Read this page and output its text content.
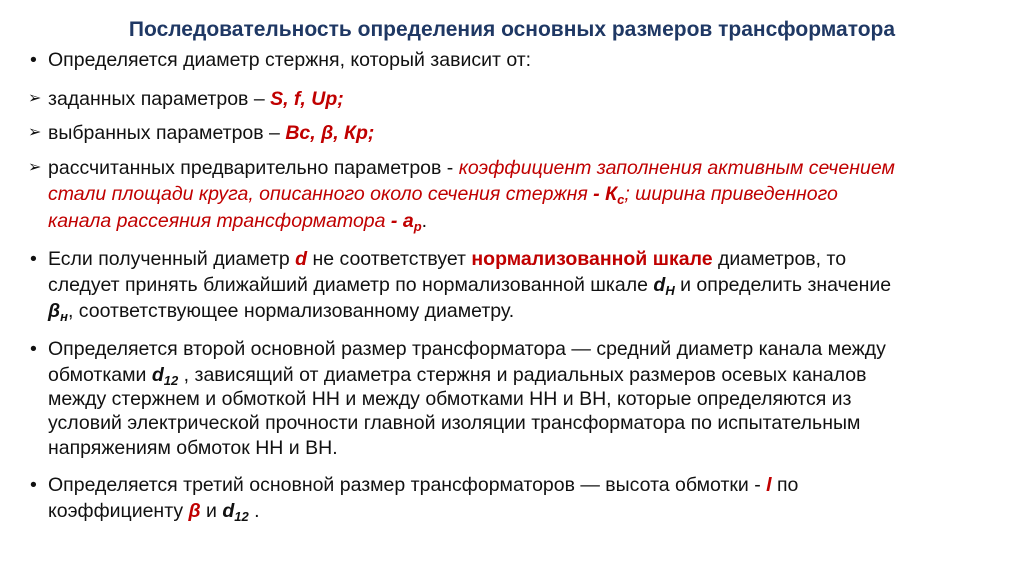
Последовательность определения основных размеров трансформатора
• Определяется диаметр стержня, который зависит от:
➢ заданных параметров – S, f, Up;
➢ выбранных параметров – Bc, β, Кр;
➢ рассчитанных предварительно параметров - коэффициент заполнения активным сечением
стали площади круга, описанного около сечения стержня - $К_с$; ширина приведенного
канала рассеяния трансформатора - $a_р$.
• Если полученный диаметр d не соответствует нормализованной шкале диаметров, то
следует принять ближайший диаметр по нормализованной шкале $d_H$ и определить значение
$\beta_н$, соответствующее нормализованному диаметру.
• Определяется второй основной размер трансформатора — средний диаметр канала между
обмотками $d_{12}$ , зависящий от диаметра стержня и радиальных размеров осевых каналов
между стержнем и обмоткой НН и между обмотками НН и ВН, которые определяются из
условий электрической прочности главной изоляции трансформатора по испытательным
напряжениям обмоток НН и ВН.
• Определяется третий основной размер трансформаторов — высота обмотки - l по
коэффициенту β и $d_{12}$ .
